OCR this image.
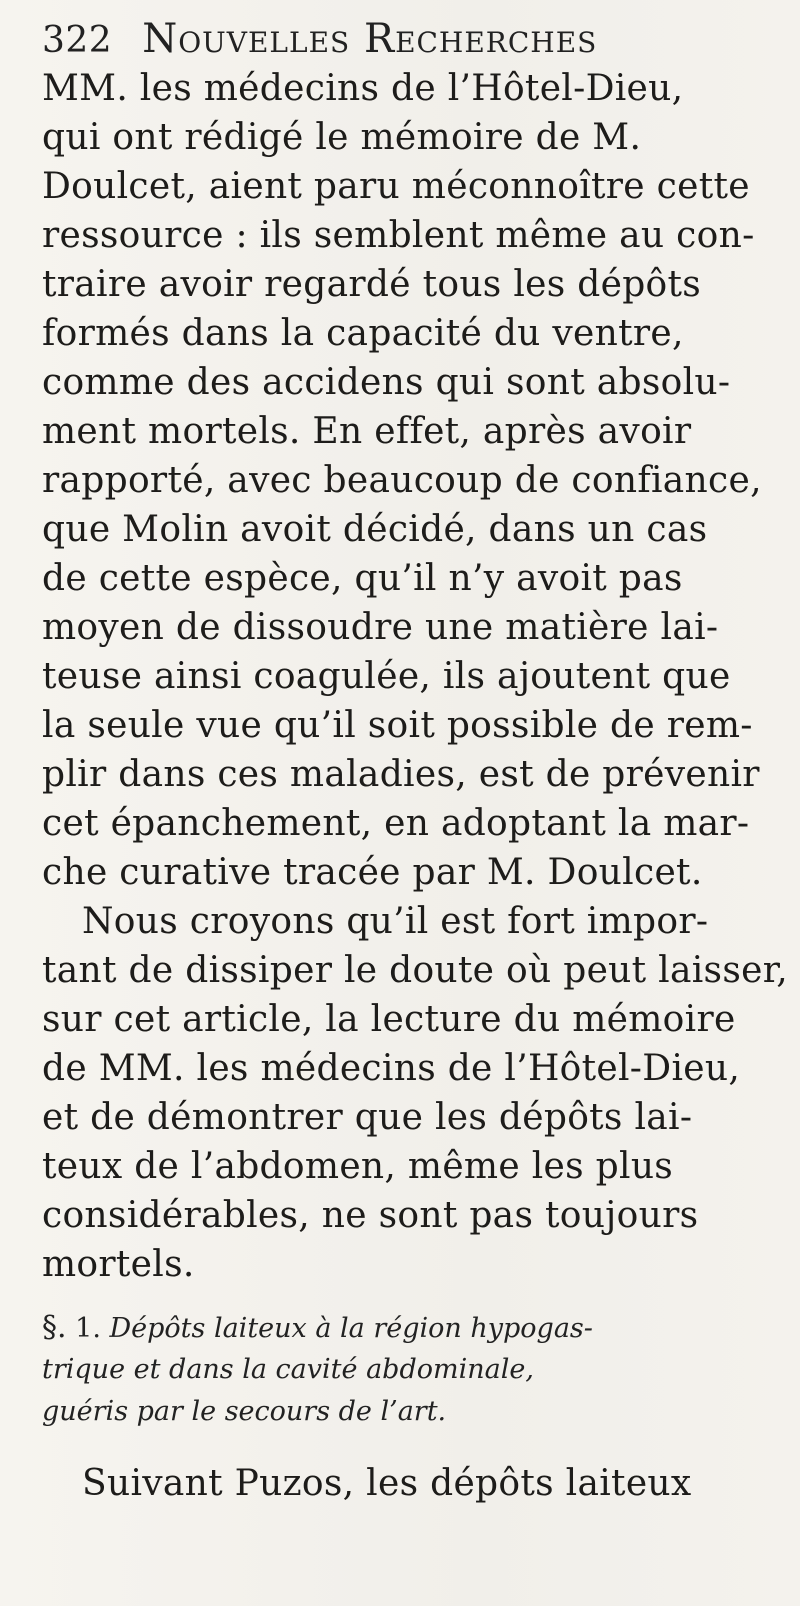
322 Nouvelles Recherches
MM. les médecins de l’Hôtel-Dieu,
qui ont rédigé le mémoire de M.
Doulcet, aient paru méconnoître cette
ressource : ils semblent même au con-
traire avoir regardé tous les dépôts
formés dans la capacité du ventre,
comme des accidens qui sont absolu-
ment mortels. En effet, après avoir
rapporté, avec beaucoup de confiance,
que Molin avoit décidé, dans un cas
de cette espèce, qu’il n’y avoit pas
moyen de dissoudre une matière lai-
teuse ainsi coagulée, ils ajoutent que
la seule vue qu’il soit possible de rem-
plir dans ces maladies, est de prévenir
cet épanchement, en adoptant la mar-
che curative tracée par M. Doulcet.
Nous croyons qu’il est fort impor-
tant de dissiper le doute où peut laisser,
sur cet article, la lecture du mémoire
de MM. les médecins de l’Hôtel-Dieu,
et de démontrer que les dépôts lai-
teux de l’abdomen, même les plus
considérables, ne sont pas toujours
mortels.
§. 1. Dépôts laiteux à la région hypogas-
trique et dans la cavité abdominale,
guéris par le secours de l’art.
Suivant Puzos, les dépôts laiteux
